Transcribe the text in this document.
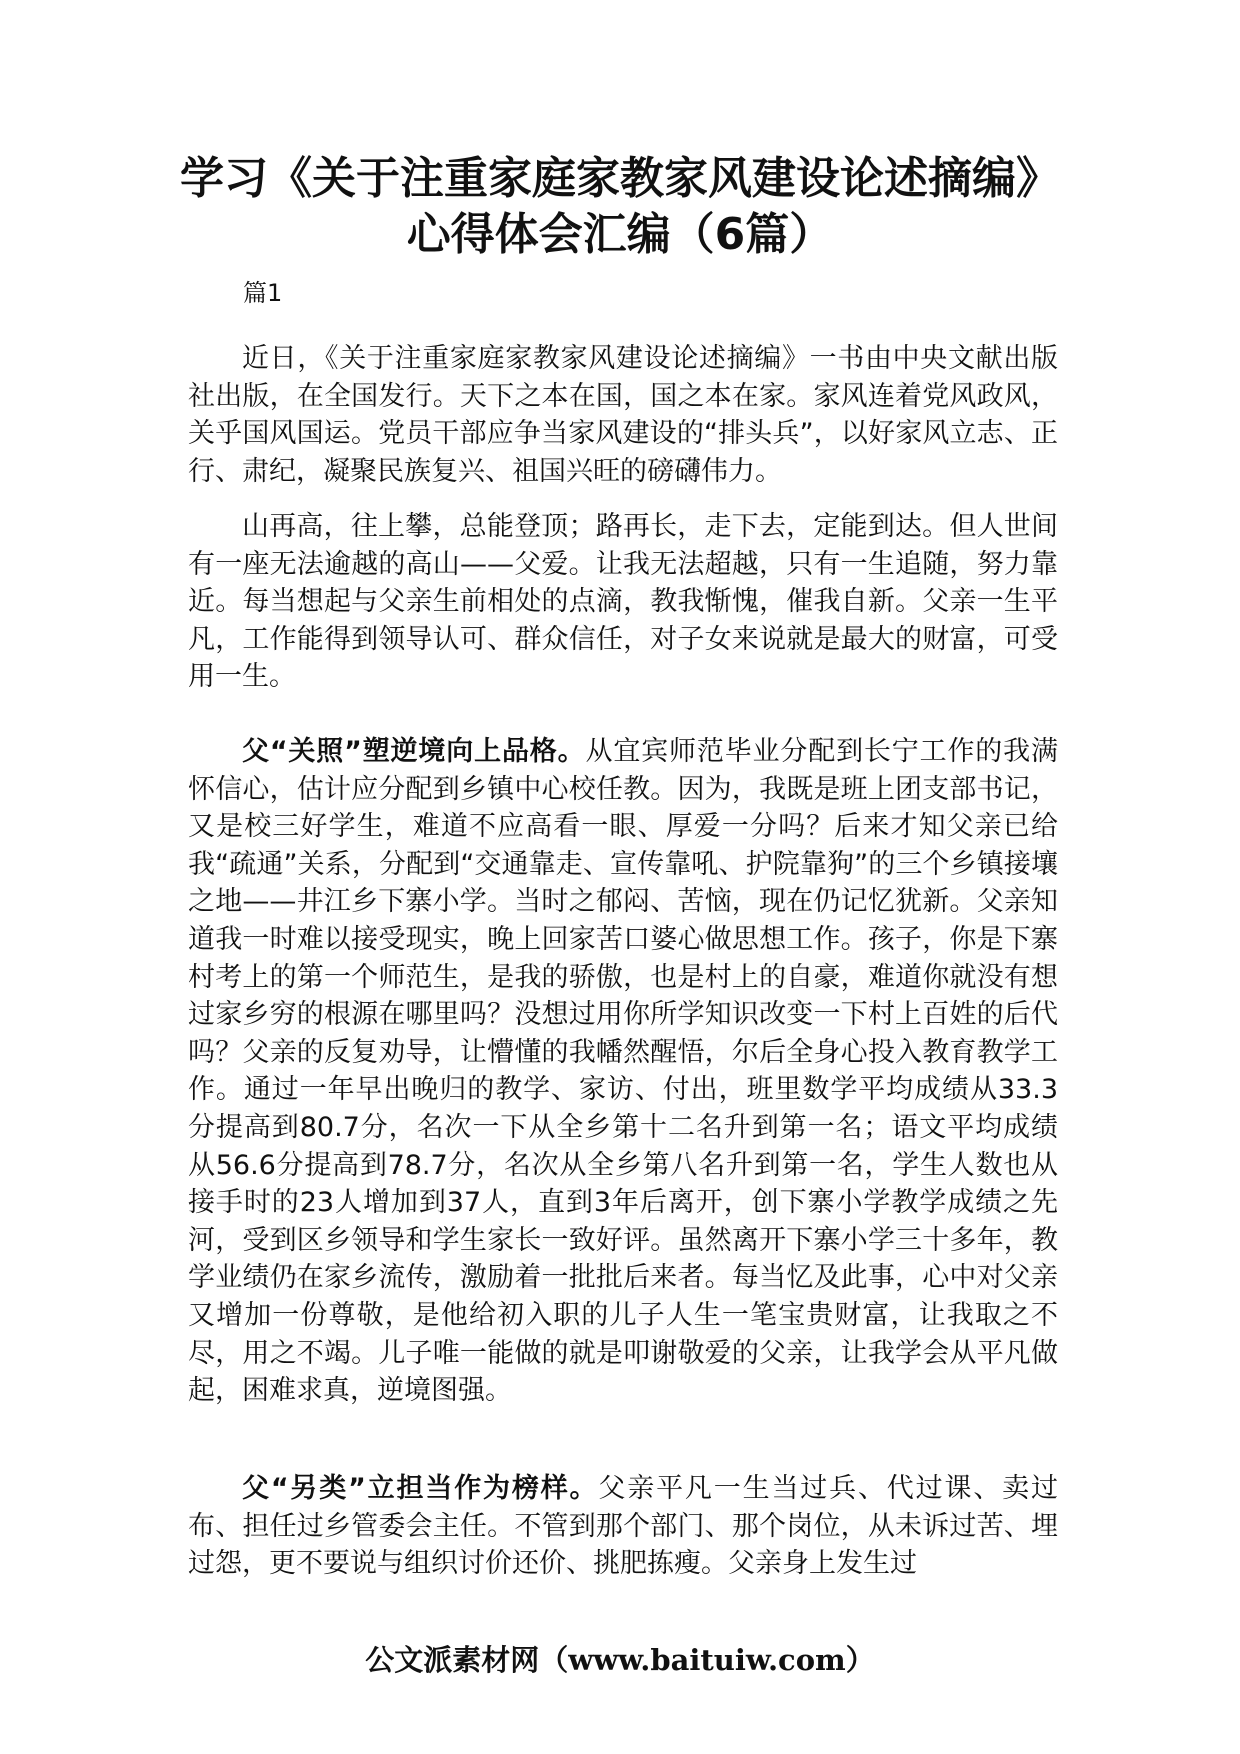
学习《关于注重家庭家教家风建设论述摘编》
心得体会汇编（6篇）
篇1

近日，《关于注重家庭家教家风建设论述摘编》一书由中央文献出版社出版，在全国发行。天下之本在国，国之本在家。家风连着党风政风，关乎国风国运。党员干部应争当家风建设的“排头兵”，以好家风立志、正行、肃纪，凝聚民族复兴、祖国兴旺的磅礴伟力。

山再高，往上攀，总能登顶；路再长，走下去，定能到达。但人世间有一座无法逾越的高山——父爱。让我无法超越，只有一生追随，努力靠近。每当想起与父亲生前相处的点滴，教我惭愧，催我自新。父亲一生平凡，工作能得到领导认可、群众信任，对子女来说就是最大的财富，可受用一生。

父“关照”塑逆境向上品格。从宜宾师范毕业分配到长宁工作的我满怀信心，估计应分配到乡镇中心校任教。因为，我既是班上团支部书记，又是校三好学生，难道不应高看一眼、厚爱一分吗？后来才知父亲已给我“疏通”关系，分配到“交通靠走、宣传靠吼、护院靠狗”的三个乡镇接壤之地——井江乡下寨小学。当时之郁闷、苦恼，现在仍记忆犹新。父亲知道我一时难以接受现实，晚上回家苦口婆心做思想工作。孩子，你是下寨村考上的第一个师范生，是我的骄傲，也是村上的自豪，难道你就没有想过家乡穷的根源在哪里吗？没想过用你所学知识改变一下村上百姓的后代吗？父亲的反复劝导，让懵懂的我幡然醒悟，尔后全身心投入教育教学工作。通过一年早出晚归的教学、家访、付出，班里数学平均成绩从33.3分提高到80.7分，名次一下从全乡第十二名升到第一名；语文平均成绩从56.6分提高到78.7分，名次从全乡第八名升到第一名，学生人数也从接手时的23人增加到37人，直到3年后离开，创下寨小学教学成绩之先河，受到区乡领导和学生家长一致好评。虽然离开下寨小学三十多年，教学业绩仍在家乡流传，激励着一批批后来者。每当忆及此事，心中对父亲又增加一份尊敬，是他给初入职的儿子人生一笔宝贵财富，让我取之不尽，用之不竭。儿子唯一能做的就是叩谢敬爱的父亲，让我学会从平凡做起，困难求真，逆境图强。

父“另类”立担当作为榜样。父亲平凡一生当过兵、代过课、卖过布、担任过乡管委会主任。不管到那个部门、那个岗位，从未诉过苦、埋过怨，更不要说与组织讨价还价、挑肥拣瘦。父亲身上发生过

公文派素材网（www.baituiw.com）
